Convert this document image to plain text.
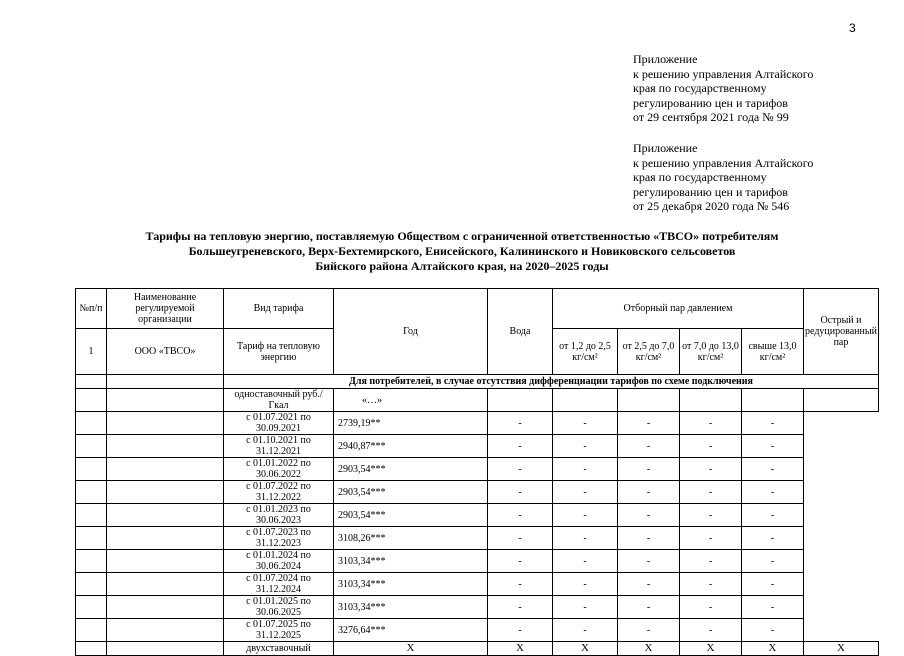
3
Приложение
к решению управления Алтайского
края по государственному
регулированию цен и тарифов
от 29 сентября 2021 года № 99
Приложение
к решению управления Алтайского
края по государственному
регулированию цен и тарифов
от 25 декабря 2020 года № 546
Тарифы на тепловую энергию, поставляемую Обществом с ограниченной ответственностью «ТВСО» потребителям
Большеугреневского, Верх-Бехтемирского, Енисейского, Калининского и Новиковского сельсоветов
Бийского района Алтайского края, на 2020–2025 годы
№п/п	Наименование регулируемой организации	Вид тарифа	Год	Вода	Отборный пар давлением				Острый и редуцированный пар
1	ООО «ТВСО»	Тариф на тепловую энергию			от 1,2 до 2,5 кг/см²	от 2,5 до 7,0 кг/см²	от 7,0 до 13,0 кг/см²	свыше 13,0 кг/см²	
		Для потребителей, в случае отсутствия дифференциации тарифов по схеме подключения							
		одноставочный руб./Гкал	«…»						
		с 01.07.2021 по 30.09.2021	2739,19**	-	-	-	-	-	
		с 01.10.2021 по 31.12.2021	2940,87***	-	-	-	-	-	
		с 01.01.2022 по 30.06.2022	2903,54***	-	-	-	-	-	
		с 01.07.2022 по 31.12.2022	2903,54***	-	-	-	-	-	
		с 01.01.2023 по 30.06.2023	2903,54***	-	-	-	-	-	
		с 01.07.2023 по 31.12.2023	3108,26***	-	-	-	-	-	
		с 01.01.2024 по 30.06.2024	3103,34***	-	-	-	-	-	
		с 01.07.2024 по 31.12.2024	3103,34***	-	-	-	-	-	
		с 01.01.2025 по 30.06.2025	3103,34***	-	-	-	-	-	
		с 01.07.2025 по 31.12.2025	3276,64***	-	-	-	-	-	
		двухставочный	Х	Х	Х	Х	Х	Х	Х
